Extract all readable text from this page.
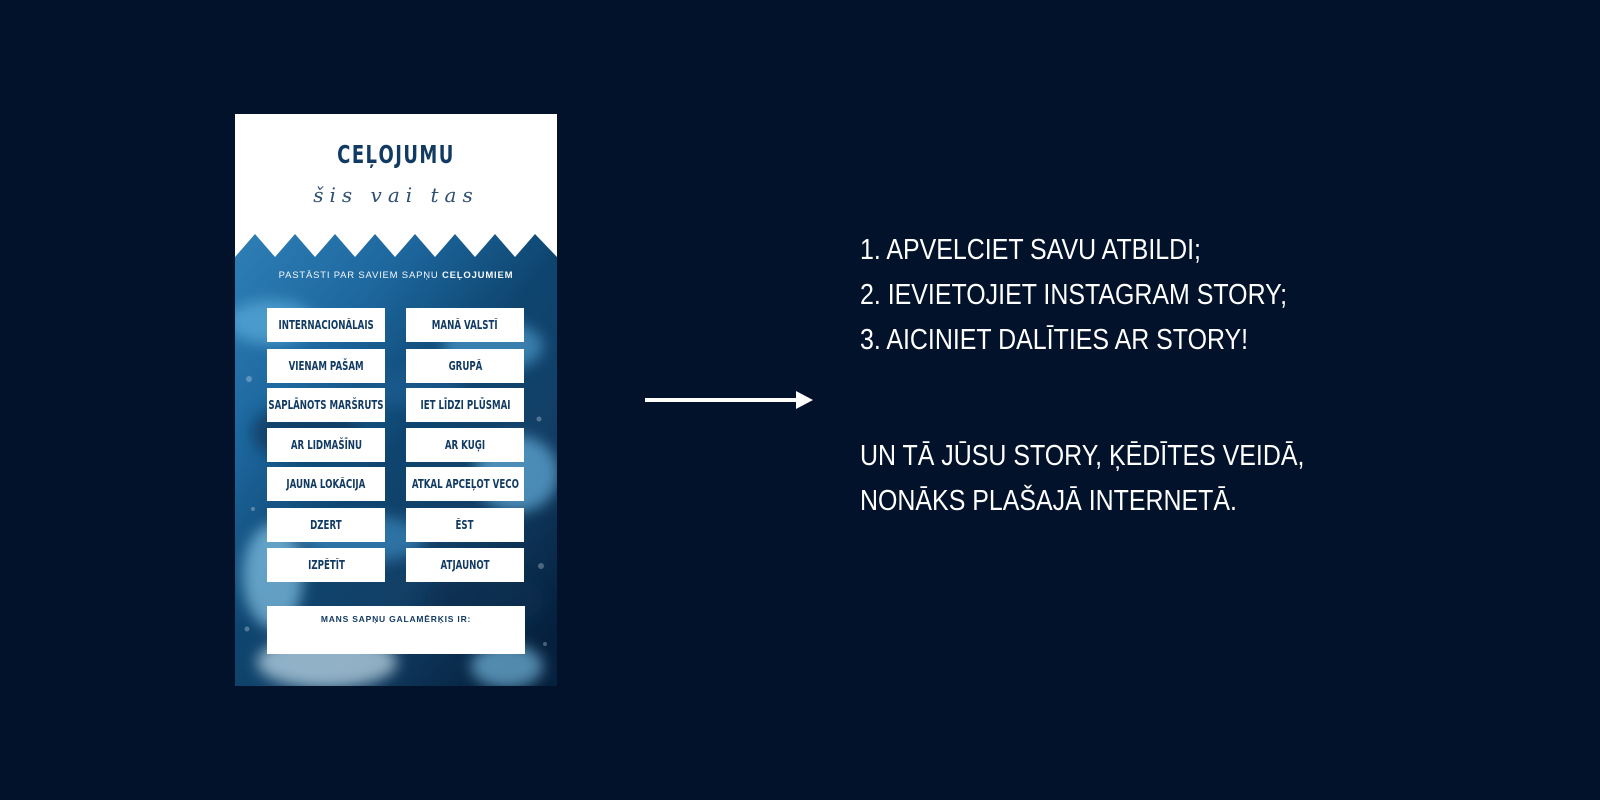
CEĻOJUMU
šis vai tas
PASTĀSTI PAR SAVIEM SAPŅU CEĻOJUMIEM
INTERNACIONĀLAIS	MANĀ VALSTĪ
VIENAM PAŠAM	GRUPĀ
SAPLĀNOTS MARŠRUTS	IET LĪDZI PLŪSMAI
AR LIDMAŠĪNU	AR KUĢI
JAUNA LOKĀCIJA	ATKAL APCEĻOT VECO
DZERT	ĒST
IZPĒTĪT	ATJAUNOT
MANS SAPŅU GALAMĒRĶIS IR:
1. APVELCIET SAVU ATBILDI;
2. IEVIETOJIET INSTAGRAM STORY;
3. AICINIET DALĪTIES AR STORY!
UN TĀ JŪSU STORY, ĶĒDĪTES VEIDĀ,
NONĀKS PLAŠAJĀ INTERNETĀ.
